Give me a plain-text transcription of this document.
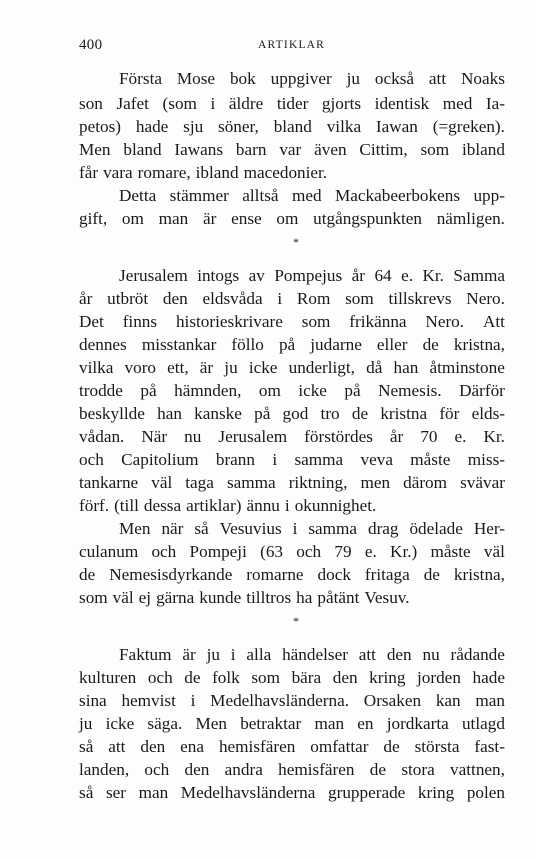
400	ARTIKLAR
Första Mose bok uppgiver ju också att Noaks
son Jafet (som i äldre tider gjorts identisk med Ia-
petos) hade sju söner, bland vilka Iawan (=greken).
Men bland Iawans barn var även Cittim, som ibland
får vara romare, ibland macedonier.
Detta stämmer alltså med Mackabeerbokens upp-
gift, om man är ense om utgångspunkten nämligen.
*
Jerusalem intogs av Pompejus år 64 e. Kr. Samma
år utbröt den eldsvåda i Rom som tillskrevs Nero.
Det finns historieskrivare som frikänna Nero. Att
dennes misstankar föllo på judarne eller de kristna,
vilka voro ett, är ju icke underligt, då han åtminstone
trodde på hämnden, om icke på Nemesis. Därför
beskyllde han kanske på god tro de kristna för elds-
vådan. När nu Jerusalem förstördes år 70 e. Kr.
och Capitolium brann i samma veva måste miss-
tankarne väl taga samma riktning, men därom svävar
förf. (till dessa artiklar) ännu i okunnighet.
Men när så Vesuvius i samma drag ödelade Her-
culanum och Pompeji (63 och 79 e. Kr.) måste väl
de Nemesisdyrkande romarne dock fritaga de kristna,
som väl ej gärna kunde tilltros ha påtänt Vesuv.
*
Faktum är ju i alla händelser att den nu rådande
kulturen och de folk som bära den kring jorden hade
sina hemvist i Medelhavsländerna. Orsaken kan man
ju icke säga. Men betraktar man en jordkarta utlagd
så att den ena hemisfären omfattar de största fast-
landen, och den andra hemisfären de stora vattnen,
så ser man Medelhavsländerna grupperade kring polen
